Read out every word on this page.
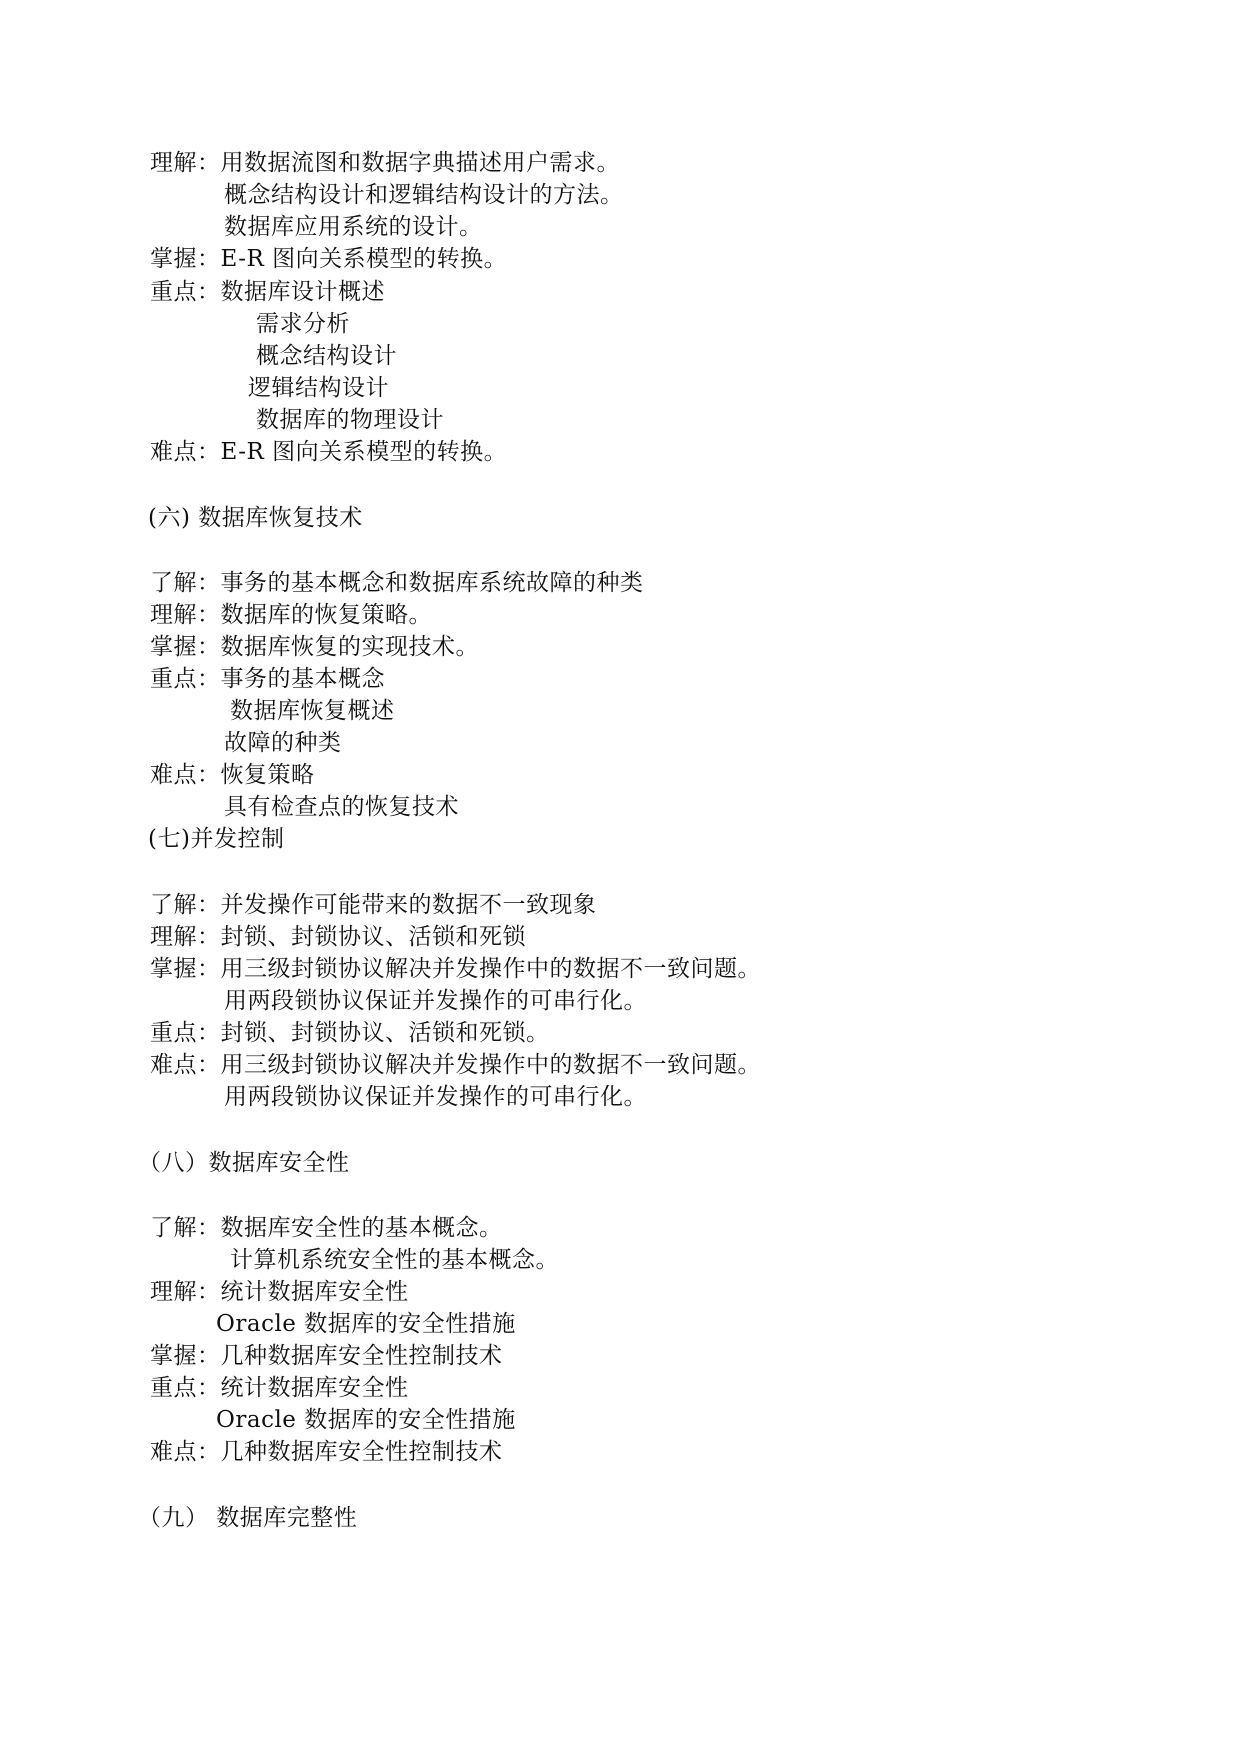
理解：用数据流图和数据字典描述用户需求。
概念结构设计和逻辑结构设计的方法。
数据库应用系统的设计。
掌握：E-R 图向关系模型的转换。
重点：数据库设计概述
需求分析
概念结构设计
逻辑结构设计
数据库的物理设计
难点：E-R 图向关系模型的转换。
(六) 数据库恢复技术
了解：事务的基本概念和数据库系统故障的种类
理解：数据库的恢复策略。
掌握：数据库恢复的实现技术。
重点：事务的基本概念
数据库恢复概述
故障的种类
难点：恢复策略
具有检查点的恢复技术
(七)并发控制
了解：并发操作可能带来的数据不一致现象
理解：封锁、封锁协议、活锁和死锁
掌握：用三级封锁协议解决并发操作中的数据不一致问题。
用两段锁协议保证并发操作的可串行化。
重点：封锁、封锁协议、活锁和死锁。
难点：用三级封锁协议解决并发操作中的数据不一致问题。
用两段锁协议保证并发操作的可串行化。
（八）数据库安全性
了解：数据库安全性的基本概念。
计算机系统安全性的基本概念。
理解：统计数据库安全性
Oracle 数据库的安全性措施
掌握：几种数据库安全性控制技术
重点：统计数据库安全性
Oracle 数据库的安全性措施
难点：几种数据库安全性控制技术
（九） 数据库完整性
